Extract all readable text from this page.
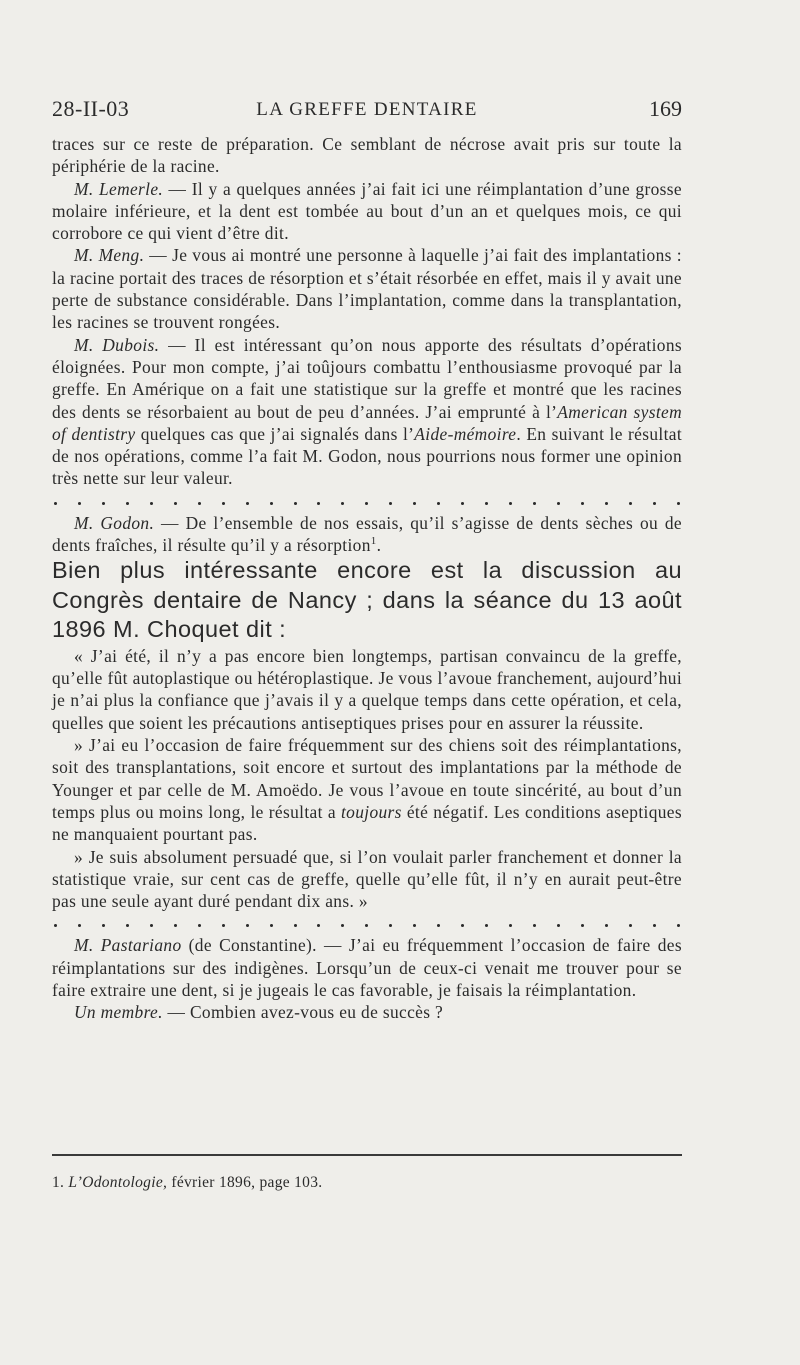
28-II-03	LA GREFFE DENTAIRE	169

traces sur ce reste de préparation. Ce semblant de nécrose avait pris sur toute la périphérie de la racine.

M. Lemerle. — Il y a quelques années j’ai fait ici une réimplantation d’une grosse molaire inférieure, et la dent est tombée au bout d’un an et quelques mois, ce qui corrobore ce qui vient d’être dit.

M. Meng. — Je vous ai montré une personne à laquelle j’ai fait des implantations : la racine portait des traces de résorption et s’était résorbée en effet, mais il y avait une perte de substance considérable. Dans l’implantation, comme dans la transplantation, les racines se trouvent rongées.

M. Dubois. — Il est intéressant qu’on nous apporte des résultats d’opérations éloignées. Pour mon compte, j’ai toûjours combattu l’enthousiasme provoqué par la greffe. En Amérique on a fait une statistique sur la greffe et montré que les racines des dents se résorbaient au bout de peu d’années. J’ai emprunté à l’American system of dentistry quelques cas que j’ai signalés dans l’Aide-mémoire. En suivant le résultat de nos opérations, comme l’a fait M. Godon, nous pourrions nous former une opinion très nette sur leur valeur.

M. Godon. — De l’ensemble de nos essais, qu’il s’agisse de dents sèches ou de dents fraîches, il résulte qu’il y a résorption$^1$.

Bien plus intéressante encore est la discussion au Congrès dentaire de Nancy ; dans la séance du 13 août 1896 M. Choquet dit :

« J’ai été, il n’y a pas encore bien longtemps, partisan convaincu de la greffe, qu’elle fût autoplastique ou hétéroplastique. Je vous l’avoue franchement, aujourd’hui je n’ai plus la confiance que j’avais il y a quelque temps dans cette opération, et cela, quelles que soient les précautions antiseptiques prises pour en assurer la réussite.

» J’ai eu l’occasion de faire fréquemment sur des chiens soit des réimplantations, soit des transplantations, soit encore et surtout des implantations par la méthode de Younger et par celle de M. Amoëdo. Je vous l’avoue en toute sincérité, au bout d’un temps plus ou moins long, le résultat a toujours été négatif. Les conditions aseptiques ne manquaient pourtant pas.

» Je suis absolument persuadé que, si l’on voulait parler franchement et donner la statistique vraie, sur cent cas de greffe, quelle qu’elle fût, il n’y en aurait peut-être pas une seule ayant duré pendant dix ans. »

M. Pastariano (de Constantine). — J’ai eu fréquemment l’occasion de faire des réimplantations sur des indigènes. Lorsqu’un de ceux-ci venait me trouver pour se faire extraire une dent, si je jugeais le cas favorable, je faisais la réimplantation.

Un membre. — Combien avez-vous eu de succès ?

1. L’Odontologie, février 1896, page 103.
